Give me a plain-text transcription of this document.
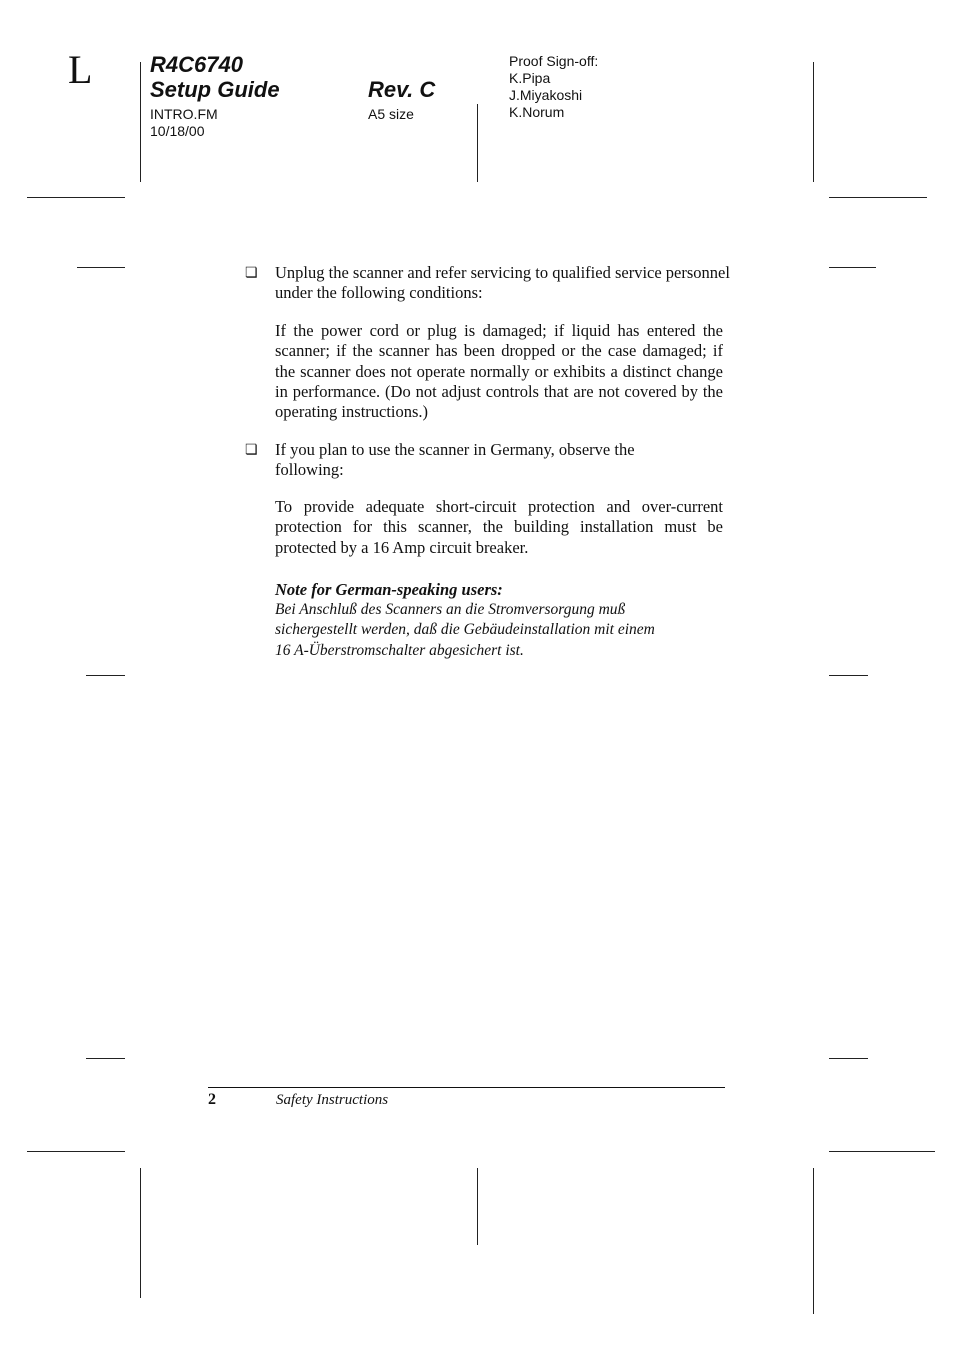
L	R4C6740
Setup Guide	Rev. C
INTRO.FM
10/18/00
A5 size
Proof Sign-off:
K.Pipa
J.Miyakoshi
K.Norum
❏ Unplug the scanner and refer servicing to qualified service personnel under the following conditions:
If the power cord or plug is damaged; if liquid has entered the scanner; if the scanner has been dropped or the case damaged; if the scanner does not operate normally or exhibits a distinct change in performance. (Do not adjust controls that are not covered by the operating instructions.)
❏ If you plan to use the scanner in Germany, observe the following:
To provide adequate short-circuit protection and over-current protection for this scanner, the building installation must be protected by a 16 Amp circuit breaker.
Note for German-speaking users:
Bei Anschluß des Scanners an die Stromversorgung muß
sichergestellt werden, daß die Gebäudeinstallation mit einem
16 A-Überstromschalter abgesichert ist.
2	Safety Instructions
